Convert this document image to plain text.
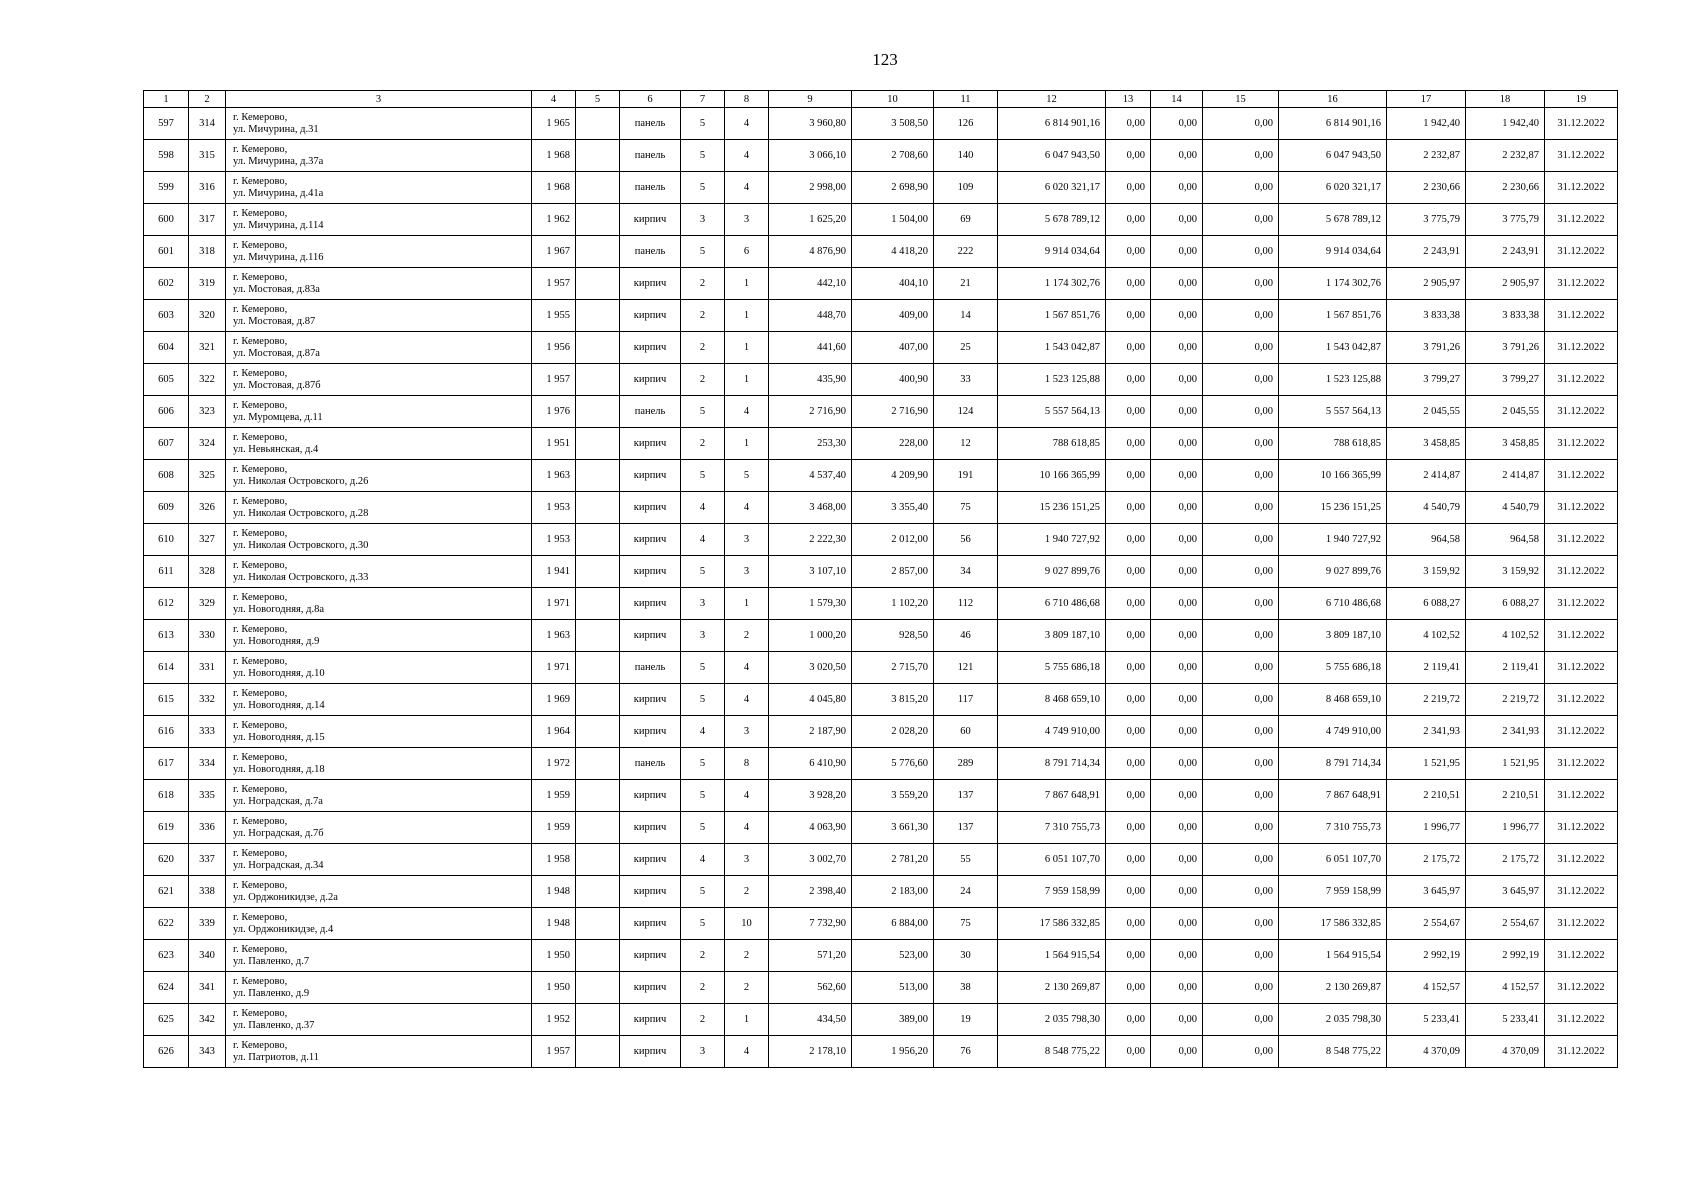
123
1	2	3	4	5	6	7	8	9	10	11	12	13	14	15	16	17	18	19
597	314	г. Кемерово,
ул. Мичурина, д.31	1 965		панель	5	4	3 960,80	3 508,50	126	6 814 901,16	0,00	0,00	0,00	6 814 901,16	1 942,40	1 942,40	31.12.2022
598	315	г. Кемерово,
ул. Мичурина, д.37а	1 968		панель	5	4	3 066,10	2 708,60	140	6 047 943,50	0,00	0,00	0,00	6 047 943,50	2 232,87	2 232,87	31.12.2022
599	316	г. Кемерово,
ул. Мичурина, д.41а	1 968		панель	5	4	2 998,00	2 698,90	109	6 020 321,17	0,00	0,00	0,00	6 020 321,17	2 230,66	2 230,66	31.12.2022
600	317	г. Кемерово,
ул. Мичурина, д.114	1 962		кирпич	3	3	1 625,20	1 504,00	69	5 678 789,12	0,00	0,00	0,00	5 678 789,12	3 775,79	3 775,79	31.12.2022
601	318	г. Кемерово,
ул. Мичурина, д.116	1 967		панель	5	6	4 876,90	4 418,20	222	9 914 034,64	0,00	0,00	0,00	9 914 034,64	2 243,91	2 243,91	31.12.2022
602	319	г. Кемерово,
ул. Мостовая, д.83а	1 957		кирпич	2	1	442,10	404,10	21	1 174 302,76	0,00	0,00	0,00	1 174 302,76	2 905,97	2 905,97	31.12.2022
603	320	г. Кемерово,
ул. Мостовая, д.87	1 955		кирпич	2	1	448,70	409,00	14	1 567 851,76	0,00	0,00	0,00	1 567 851,76	3 833,38	3 833,38	31.12.2022
604	321	г. Кемерово,
ул. Мостовая, д.87а	1 956		кирпич	2	1	441,60	407,00	25	1 543 042,87	0,00	0,00	0,00	1 543 042,87	3 791,26	3 791,26	31.12.2022
605	322	г. Кемерово,
ул. Мостовая, д.87б	1 957		кирпич	2	1	435,90	400,90	33	1 523 125,88	0,00	0,00	0,00	1 523 125,88	3 799,27	3 799,27	31.12.2022
606	323	г. Кемерово,
ул. Муромцева, д.11	1 976		панель	5	4	2 716,90	2 716,90	124	5 557 564,13	0,00	0,00	0,00	5 557 564,13	2 045,55	2 045,55	31.12.2022
607	324	г. Кемерово,
ул. Невьянская, д.4	1 951		кирпич	2	1	253,30	228,00	12	788 618,85	0,00	0,00	0,00	788 618,85	3 458,85	3 458,85	31.12.2022
608	325	г. Кемерово,
ул. Николая Островского, д.26	1 963		кирпич	5	5	4 537,40	4 209,90	191	10 166 365,99	0,00	0,00	0,00	10 166 365,99	2 414,87	2 414,87	31.12.2022
609	326	г. Кемерово,
ул. Николая Островского, д.28	1 953		кирпич	4	4	3 468,00	3 355,40	75	15 236 151,25	0,00	0,00	0,00	15 236 151,25	4 540,79	4 540,79	31.12.2022
610	327	г. Кемерово,
ул. Николая Островского, д.30	1 953		кирпич	4	3	2 222,30	2 012,00	56	1 940 727,92	0,00	0,00	0,00	1 940 727,92	964,58	964,58	31.12.2022
611	328	г. Кемерово,
ул. Николая Островского, д.33	1 941		кирпич	5	3	3 107,10	2 857,00	34	9 027 899,76	0,00	0,00	0,00	9 027 899,76	3 159,92	3 159,92	31.12.2022
612	329	г. Кемерово,
ул. Новогодняя, д.8а	1 971		кирпич	3	1	1 579,30	1 102,20	112	6 710 486,68	0,00	0,00	0,00	6 710 486,68	6 088,27	6 088,27	31.12.2022
613	330	г. Кемерово,
ул. Новогодняя, д.9	1 963		кирпич	3	2	1 000,20	928,50	46	3 809 187,10	0,00	0,00	0,00	3 809 187,10	4 102,52	4 102,52	31.12.2022
614	331	г. Кемерово,
ул. Новогодняя, д.10	1 971		панель	5	4	3 020,50	2 715,70	121	5 755 686,18	0,00	0,00	0,00	5 755 686,18	2 119,41	2 119,41	31.12.2022
615	332	г. Кемерово,
ул. Новогодняя, д.14	1 969		кирпич	5	4	4 045,80	3 815,20	117	8 468 659,10	0,00	0,00	0,00	8 468 659,10	2 219,72	2 219,72	31.12.2022
616	333	г. Кемерово,
ул. Новогодняя, д.15	1 964		кирпич	4	3	2 187,90	2 028,20	60	4 749 910,00	0,00	0,00	0,00	4 749 910,00	2 341,93	2 341,93	31.12.2022
617	334	г. Кемерово,
ул. Новогодняя, д.18	1 972		панель	5	8	6 410,90	5 776,60	289	8 791 714,34	0,00	0,00	0,00	8 791 714,34	1 521,95	1 521,95	31.12.2022
618	335	г. Кемерово,
ул. Ноградская, д.7а	1 959		кирпич	5	4	3 928,20	3 559,20	137	7 867 648,91	0,00	0,00	0,00	7 867 648,91	2 210,51	2 210,51	31.12.2022
619	336	г. Кемерово,
ул. Ноградская, д.7б	1 959		кирпич	5	4	4 063,90	3 661,30	137	7 310 755,73	0,00	0,00	0,00	7 310 755,73	1 996,77	1 996,77	31.12.2022
620	337	г. Кемерово,
ул. Ноградская, д.34	1 958		кирпич	4	3	3 002,70	2 781,20	55	6 051 107,70	0,00	0,00	0,00	6 051 107,70	2 175,72	2 175,72	31.12.2022
621	338	г. Кемерово,
ул. Орджоникидзе, д.2а	1 948		кирпич	5	2	2 398,40	2 183,00	24	7 959 158,99	0,00	0,00	0,00	7 959 158,99	3 645,97	3 645,97	31.12.2022
622	339	г. Кемерово,
ул. Орджоникидзе, д.4	1 948		кирпич	5	10	7 732,90	6 884,00	75	17 586 332,85	0,00	0,00	0,00	17 586 332,85	2 554,67	2 554,67	31.12.2022
623	340	г. Кемерово,
ул. Павленко, д.7	1 950		кирпич	2	2	571,20	523,00	30	1 564 915,54	0,00	0,00	0,00	1 564 915,54	2 992,19	2 992,19	31.12.2022
624	341	г. Кемерово,
ул. Павленко, д.9	1 950		кирпич	2	2	562,60	513,00	38	2 130 269,87	0,00	0,00	0,00	2 130 269,87	4 152,57	4 152,57	31.12.2022
625	342	г. Кемерово,
ул. Павленко, д.37	1 952		кирпич	2	1	434,50	389,00	19	2 035 798,30	0,00	0,00	0,00	2 035 798,30	5 233,41	5 233,41	31.12.2022
626	343	г. Кемерово,
ул. Патриотов, д.11	1 957		кирпич	3	4	2 178,10	1 956,20	76	8 548 775,22	0,00	0,00	0,00	8 548 775,22	4 370,09	4 370,09	31.12.2022
